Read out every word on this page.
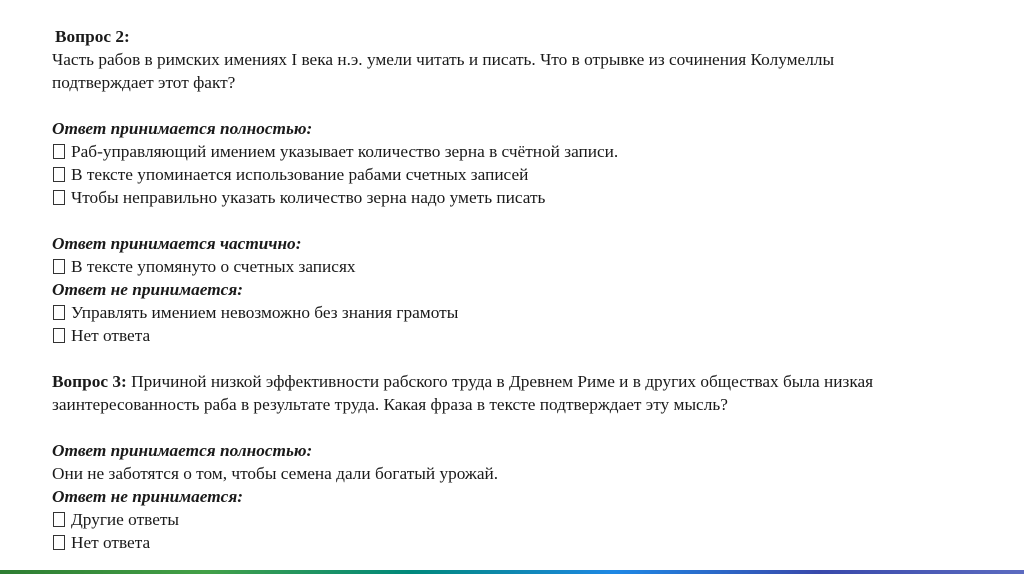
Вопрос 2:
Часть рабов в римских имениях I века н.э. умели читать и писать. Что в отрывке из сочинения Колумеллы
подтверждает этот факт?
Ответ принимается полностью:
Раб-управляющий имением указывает количество зерна в счётной записи.
В тексте упоминается использование рабами счетных записей
Чтобы неправильно указать количество зерна надо уметь писать
Ответ принимается частично:
В тексте упомянуто о счетных записях
Ответ не принимается:
Управлять имением невозможно без знания грамоты
Нет ответа
Вопрос 3: Причиной низкой эффективности рабского труда в Древнем Риме и в других обществах была низкая
заинтересованность раба в результате труда. Какая фраза в тексте подтверждает эту мысль?
Ответ принимается полностью:
Они не заботятся о том, чтобы семена дали богатый урожай.
Ответ не принимается:
Другие ответы
Нет ответа
